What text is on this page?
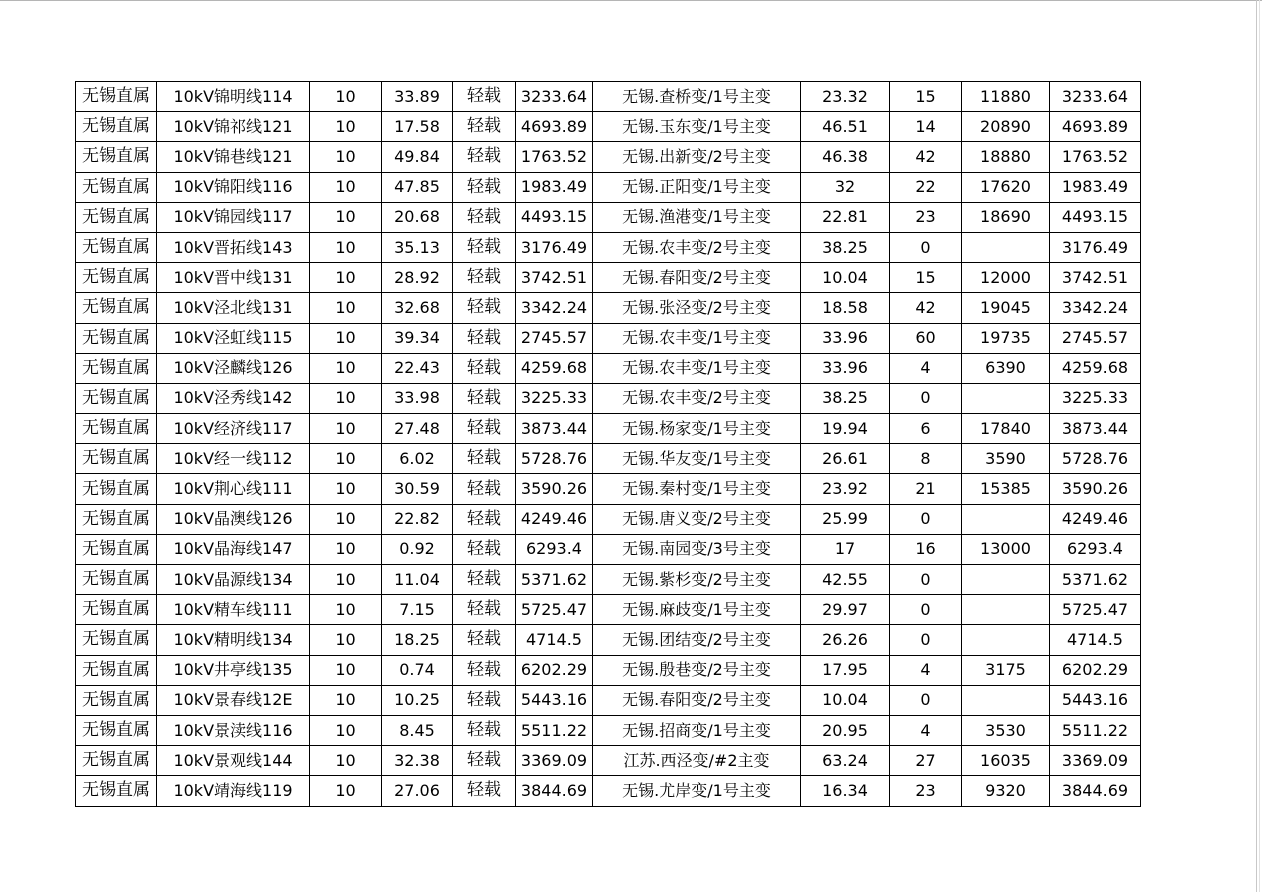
无锡直属	10kV锦明线114	10	33.89	轻载	3233.64	无锡.查桥变/1号主变	23.32	15	11880	3233.64
无锡直属	10kV锦祁线121	10	17.58	轻载	4693.89	无锡.玉东变/1号主变	46.51	14	20890	4693.89
无锡直属	10kV锦巷线121	10	49.84	轻载	1763.52	无锡.出新变/2号主变	46.38	42	18880	1763.52
无锡直属	10kV锦阳线116	10	47.85	轻载	1983.49	无锡.正阳变/1号主变	32	22	17620	1983.49
无锡直属	10kV锦园线117	10	20.68	轻载	4493.15	无锡.渔港变/1号主变	22.81	23	18690	4493.15
无锡直属	10kV晋拓线143	10	35.13	轻载	3176.49	无锡.农丰变/2号主变	38.25	0		3176.49
无锡直属	10kV晋中线131	10	28.92	轻载	3742.51	无锡.春阳变/2号主变	10.04	15	12000	3742.51
无锡直属	10kV泾北线131	10	32.68	轻载	3342.24	无锡.张泾变/2号主变	18.58	42	19045	3342.24
无锡直属	10kV泾虹线115	10	39.34	轻载	2745.57	无锡.农丰变/1号主变	33.96	60	19735	2745.57
无锡直属	10kV泾麟线126	10	22.43	轻载	4259.68	无锡.农丰变/1号主变	33.96	4	6390	4259.68
无锡直属	10kV泾秀线142	10	33.98	轻载	3225.33	无锡.农丰变/2号主变	38.25	0		3225.33
无锡直属	10kV经济线117	10	27.48	轻载	3873.44	无锡.杨家变/1号主变	19.94	6	17840	3873.44
无锡直属	10kV经一线112	10	6.02	轻载	5728.76	无锡.华友变/1号主变	26.61	8	3590	5728.76
无锡直属	10kV荆心线111	10	30.59	轻载	3590.26	无锡.秦村变/1号主变	23.92	21	15385	3590.26
无锡直属	10kV晶澳线126	10	22.82	轻载	4249.46	无锡.唐义变/2号主变	25.99	0		4249.46
无锡直属	10kV晶海线147	10	0.92	轻载	6293.4	无锡.南园变/3号主变	17	16	13000	6293.4
无锡直属	10kV晶源线134	10	11.04	轻载	5371.62	无锡.紫杉变/2号主变	42.55	0		5371.62
无锡直属	10kV精车线111	10	7.15	轻载	5725.47	无锡.麻歧变/1号主变	29.97	0		5725.47
无锡直属	10kV精明线134	10	18.25	轻载	4714.5	无锡.团结变/2号主变	26.26	0		4714.5
无锡直属	10kV井亭线135	10	0.74	轻载	6202.29	无锡.殷巷变/2号主变	17.95	4	3175	6202.29
无锡直属	10kV景春线12E	10	10.25	轻载	5443.16	无锡.春阳变/2号主变	10.04	0		5443.16
无锡直属	10kV景渎线116	10	8.45	轻载	5511.22	无锡.招商变/1号主变	20.95	4	3530	5511.22
无锡直属	10kV景观线144	10	32.38	轻载	3369.09	江苏.西泾变/#2主变	63.24	27	16035	3369.09
无锡直属	10kV靖海线119	10	27.06	轻载	3844.69	无锡.尤岸变/1号主变	16.34	23	9320	3844.69
